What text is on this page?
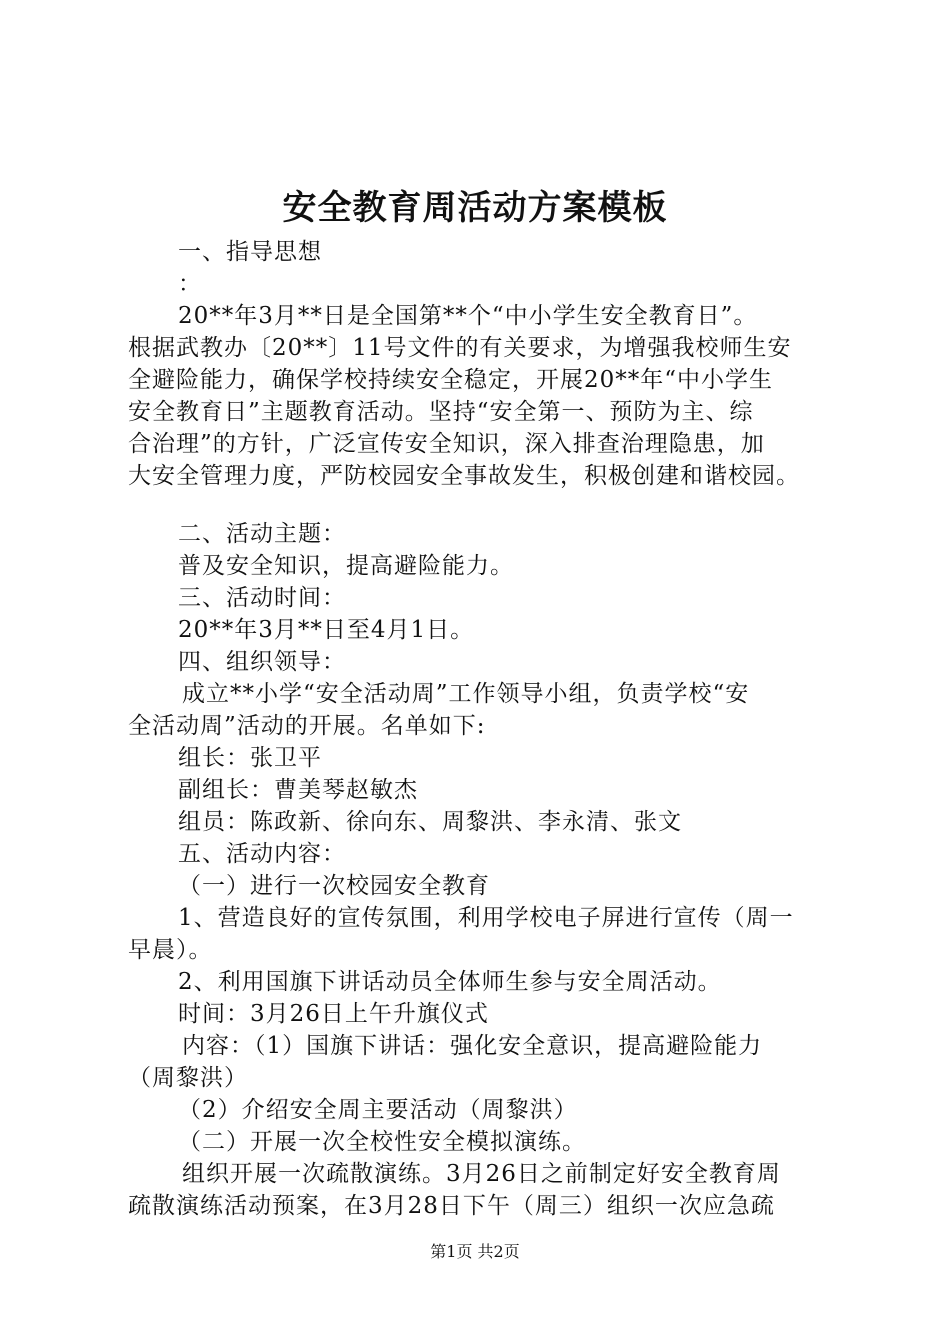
安全教育周活动方案模板

一、指导思想

：

20**年3月**日是全国第**个“中小学生安全教育日”。

根据武教办〔20**〕11号文件的有关要求，为增强我校师生安

全避险能力，确保学校持续安全稳定，开展20**年“中小学生

安全教育日”主题教育活动。坚持“安全第一、预防为主、综

合治理”的方针，广泛宣传安全知识，深入排查治理隐患，加

大安全管理力度，严防校园安全事故发生，积极创建和谐校园。

二、活动主题：

普及安全知识，提高避险能力。

三、活动时间：

20**年3月**日至4月1日。

四、组织领导：

成立**小学“安全活动周”工作领导小组，负责学校“安

全活动周”活动的开展。名单如下:

组长：张卫平

副组长：曹美琴赵敏杰

组员：陈政新、徐向东、周黎洪、李永清、张文

五、活动内容：

（一）进行一次校园安全教育

1、营造良好的宣传氛围，利用学校电子屏进行宣传（周一

早晨）。

2、利用国旗下讲话动员全体师生参与安全周活动。

时间：3月26日上午升旗仪式

内容：（1）国旗下讲话：强化安全意识，提高避险能力

（周黎洪）

（2）介绍安全周主要活动（周黎洪）

（二）开展一次全校性安全模拟演练。

组织开展一次疏散演练。3月26日之前制定好安全教育周

疏散演练活动预案，在3月28日下午（周三）组织一次应急疏

第1页 共2页
